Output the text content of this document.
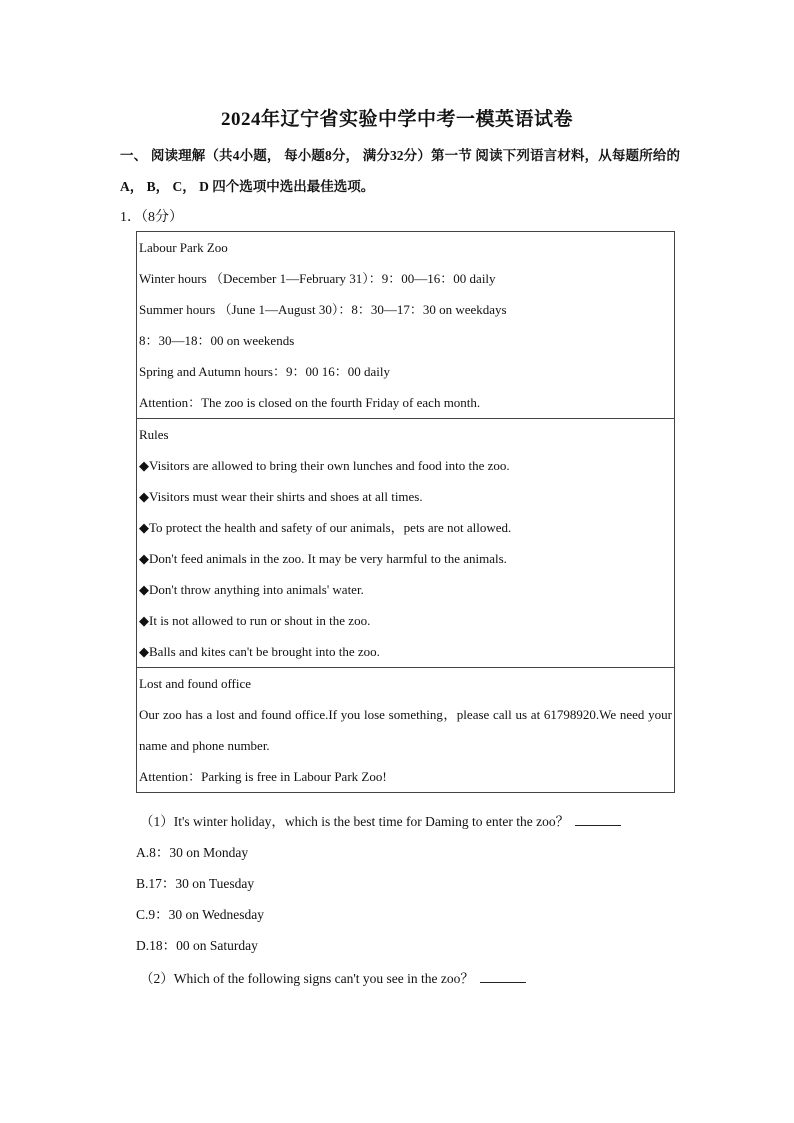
2024年辽宁省实验中学中考一模英语试卷
一、 阅读理解（共4小题， 每小题8分， 满分32分）第一节 阅读下列语言材料，从每题所给的 A， B， C， D 四个选项中选出最佳选项。
1．（8分）
Labour Park Zoo
Winter hours （December 1—February 31）：9：00—16：00 daily
Summer hours （June 1—August 30）：8：30—17：30 on weekdays
8：30—18：00 on weekends
Spring and Autumn hours：9：00 16：00 daily
Attention：The zoo is closed on the fourth Friday of each month.
Rules
◆Visitors are allowed to bring their own lunches and food into the zoo.
◆Visitors must wear their shirts and shoes at all times.
◆To protect the health and safety of our animals，pets are not allowed.
◆Don't feed animals in the zoo. It may be very harmful to the animals.
◆Don't throw anything into animals' water.
◆It is not allowed to run or shout in the zoo.
◆Balls and kites can't be brought into the zoo.
Lost and found office
Our zoo has a lost and found office.If you lose something，please call us at 61798920.We need your name and phone number.
Attention：Parking is free in Labour Park Zoo!
（1）It's winter holiday，which is the best time for Daming to enter the zoo？
A.8：30 on Monday
B.17：30 on Tuesday
C.9：30 on Wednesday
D.18：00 on Saturday
（2）Which of the following signs can't you see in the zoo？
